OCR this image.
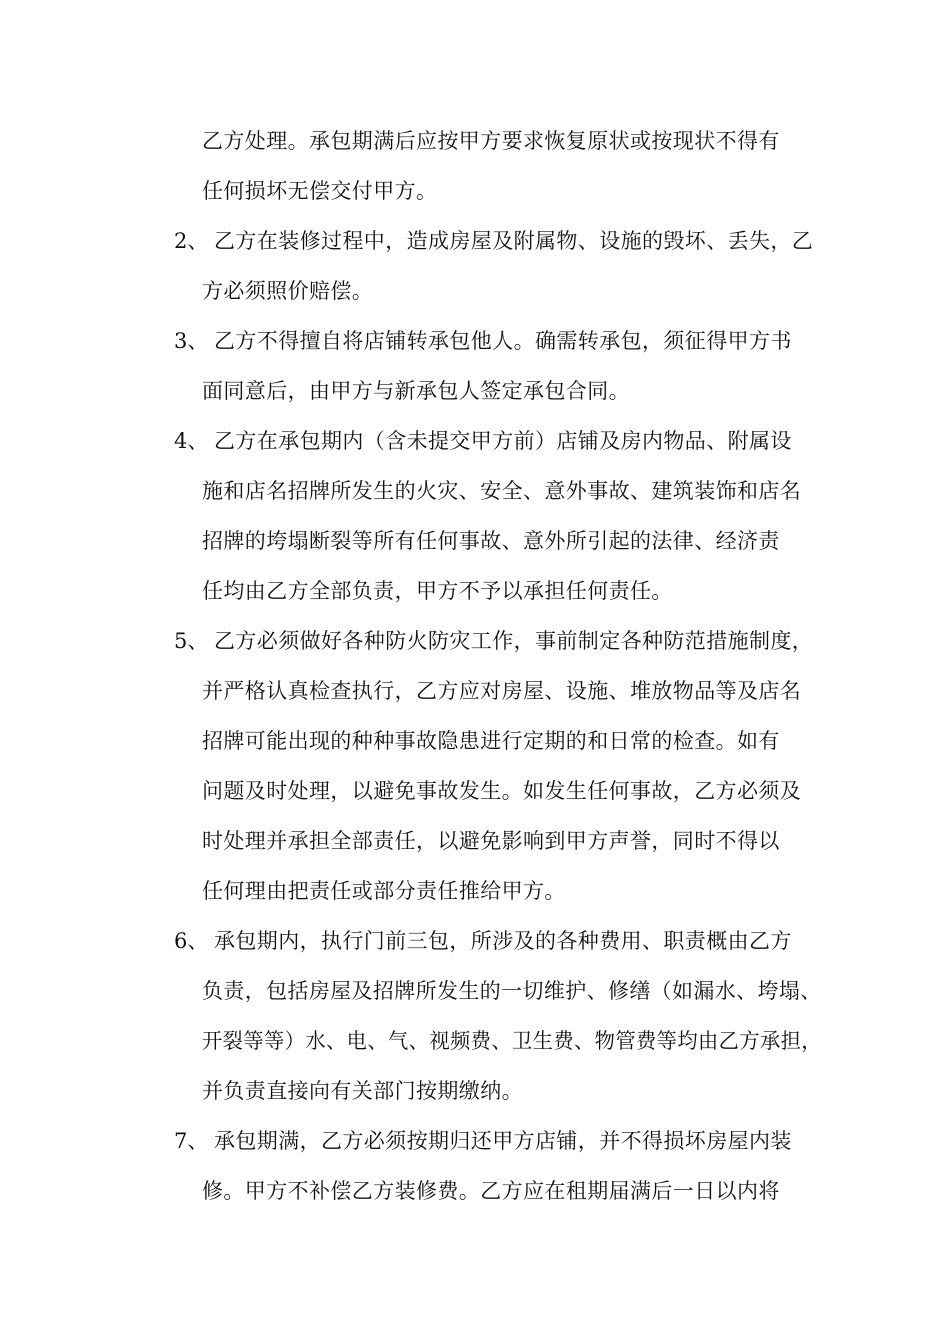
乙方处理。承包期满后应按甲方要求恢复原状或按现状不得有
任何损坏无偿交付甲方。
2、 乙方在装修过程中，造成房屋及附属物、设施的毁坏、丢失，乙
方必须照价赔偿。
3、 乙方不得擅自将店铺转承包他人。确需转承包，须征得甲方书
面同意后，由甲方与新承包人签定承包合同。
4、 乙方在承包期内（含未提交甲方前）店铺及房内物品、附属设
施和店名招牌所发生的火灾、安全、意外事故、建筑装饰和店名
招牌的垮塌断裂等所有任何事故、意外所引起的法律、经济责
任均由乙方全部负责，甲方不予以承担任何责任。
5、 乙方必须做好各种防火防灾工作，事前制定各种防范措施制度，
并严格认真检查执行，乙方应对房屋、设施、堆放物品等及店名
招牌可能出现的种种事故隐患进行定期的和日常的检查。如有
问题及时处理，以避免事故发生。如发生任何事故，乙方必须及
时处理并承担全部责任，以避免影响到甲方声誉，同时不得以
任何理由把责任或部分责任推给甲方。
6、 承包期内，执行门前三包，所涉及的各种费用、职责概由乙方
负责，包括房屋及招牌所发生的一切维护、修缮（如漏水、垮塌、
开裂等等）水、电、气、视频费、卫生费、物管费等均由乙方承担，
并负责直接向有关部门按期缴纳。
7、 承包期满，乙方必须按期归还甲方店铺，并不得损坏房屋内装
修。甲方不补偿乙方装修费。乙方应在租期届满后一日以内将
